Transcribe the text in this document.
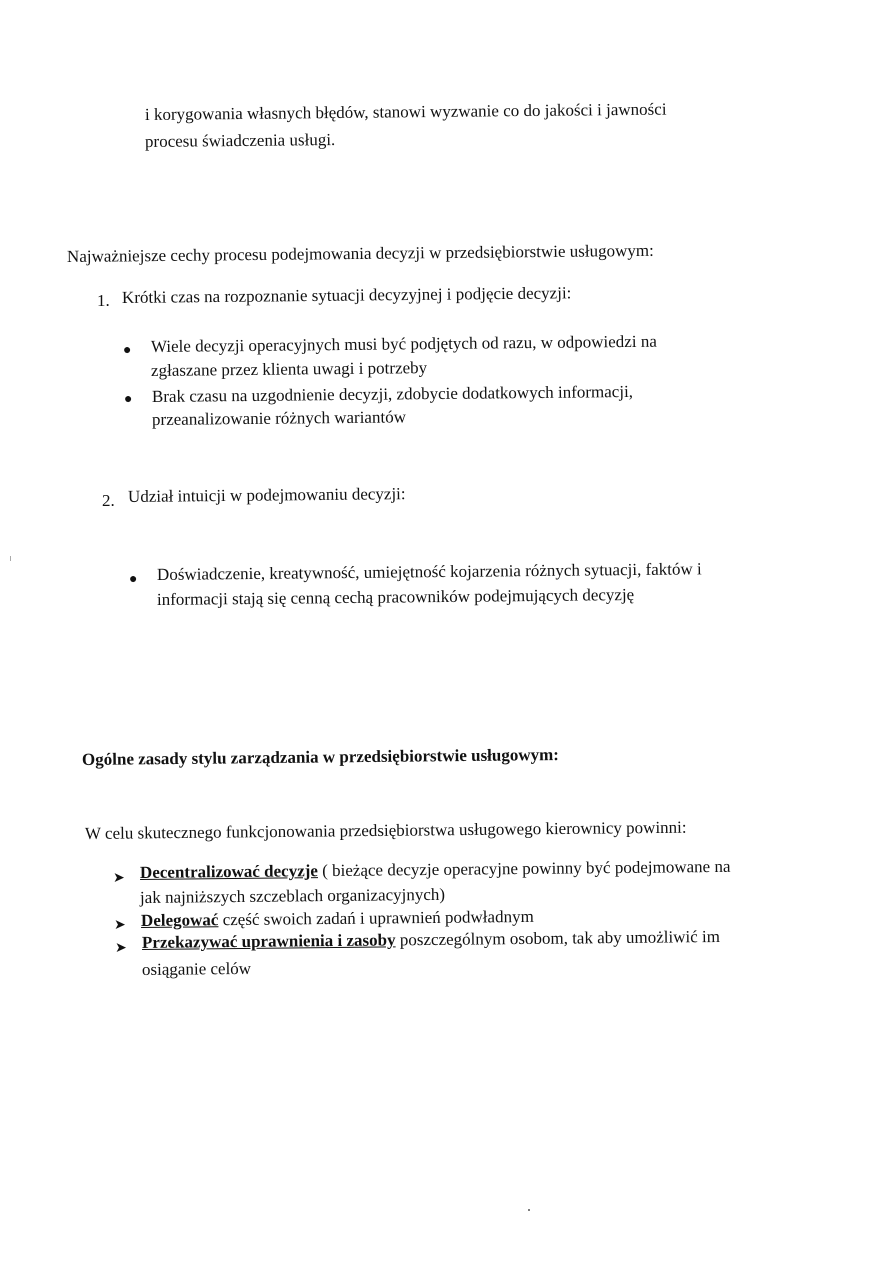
i korygowania własnych błędów, stanowi wyzwanie co do jakości i jawności
procesu świadczenia usługi.
Najważniejsze cechy procesu podejmowania decyzji w przedsiębiorstwie usługowym:
1. Krótki czas na rozpoznanie sytuacji decyzyjnej i podjęcie decyzji:
● Wiele decyzji operacyjnych musi być podjętych od razu, w odpowiedzi na
zgłaszane przez klienta uwagi i potrzeby
● Brak czasu na uzgodnienie decyzji, zdobycie dodatkowych informacji,
przeanalizowanie różnych wariantów
2. Udział intuicji w podejmowaniu decyzji:
● Doświadczenie, kreatywność, umiejętność kojarzenia różnych sytuacji, faktów i
informacji stają się cenną cechą pracowników podejmujących decyzję
Ogólne zasady stylu zarządzania w przedsiębiorstwie usługowym:
W celu skutecznego funkcjonowania przedsiębiorstwa usługowego kierownicy powinni:
➤ Decentralizować decyzje ( bieżące decyzje operacyjne powinny być podejmowane na
jak najniższych szczeblach organizacyjnych)
➤ Delegować część swoich zadań i uprawnień podwładnym
➤ Przekazywać uprawnienia i zasoby poszczególnym osobom, tak aby umożliwić im
osiąganie celów
